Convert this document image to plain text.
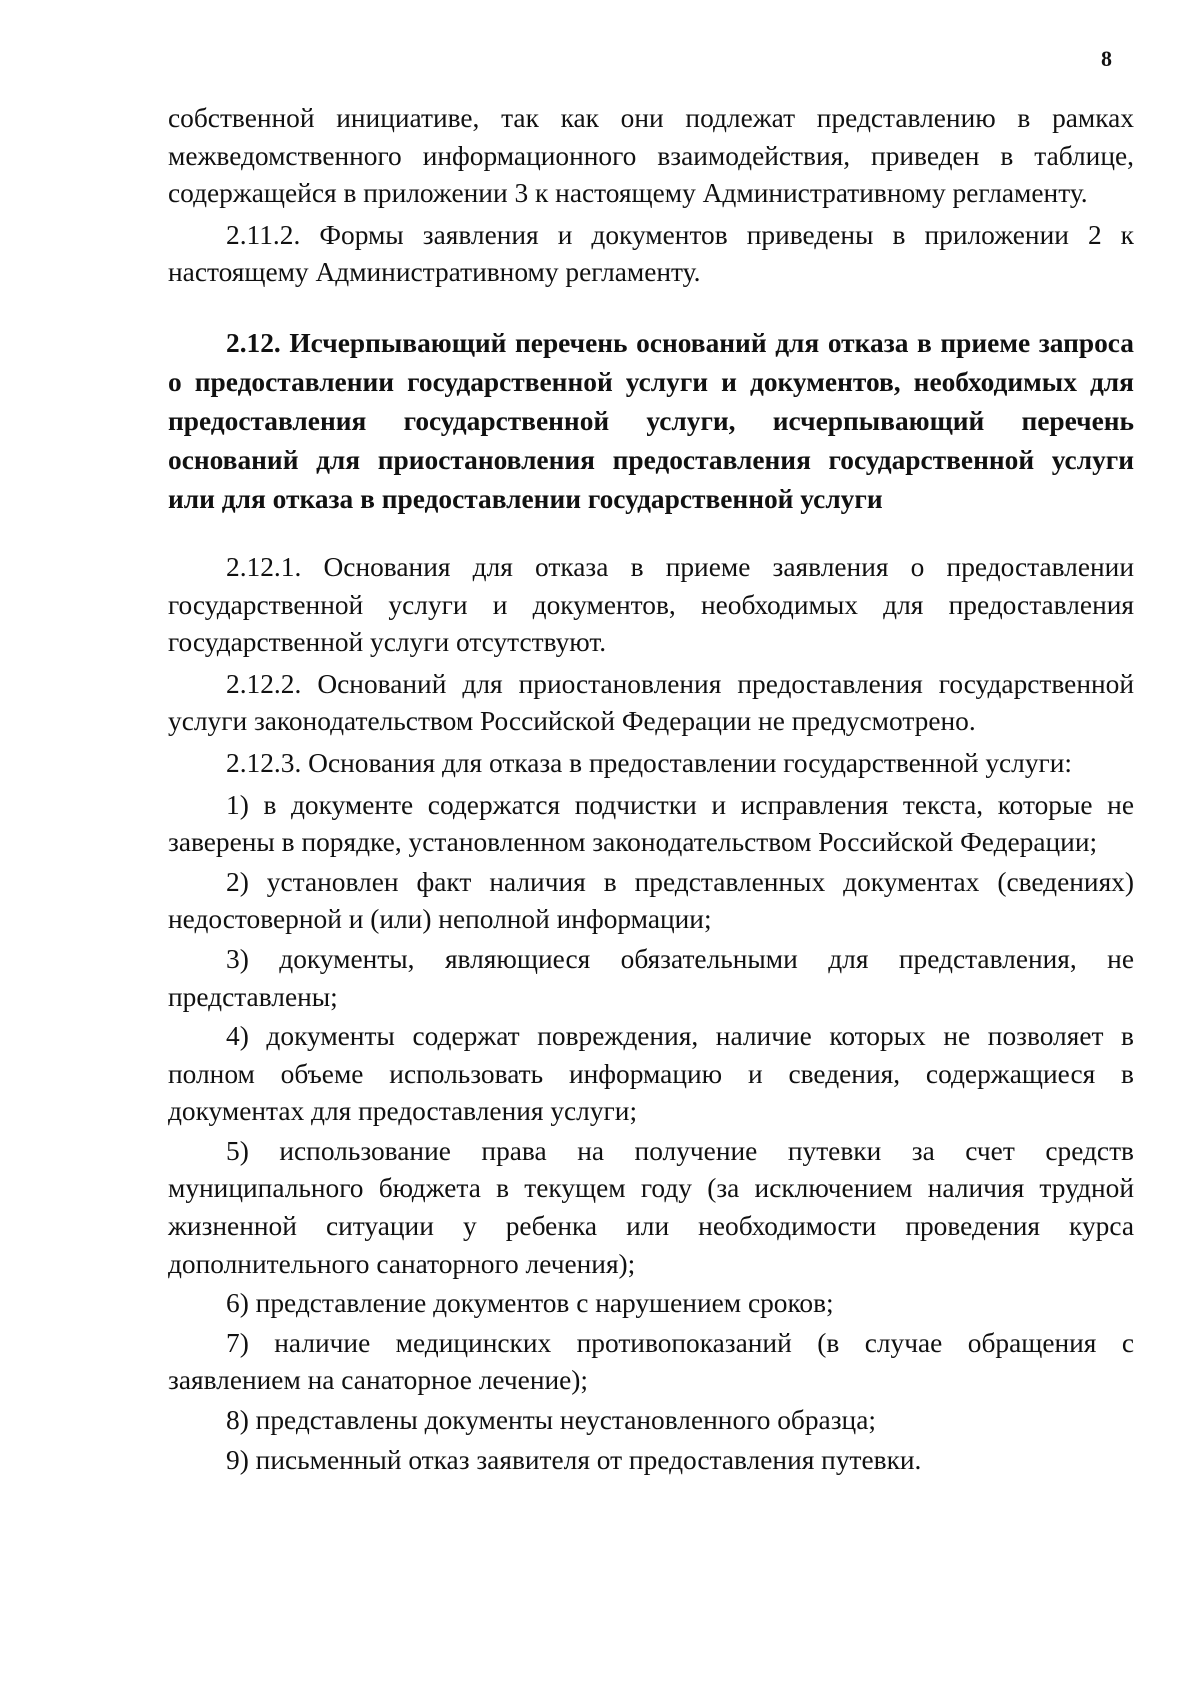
8

собственной инициативе, так как они подлежат представлению в рамках межведомственного информационного взаимодействия, приведен в таблице, содержащейся в приложении 3 к настоящему Административному регламенту.

2.11.2. Формы заявления и документов приведены в приложении 2 к настоящему Административному регламенту.

2.12. Исчерпывающий перечень оснований для отказа в приеме запроса о предоставлении государственной услуги и документов, необходимых для предоставления государственной услуги, исчерпывающий перечень оснований для приостановления предоставления государственной услуги или для отказа в предоставлении государственной услуги

2.12.1. Основания для отказа в приеме заявления о предоставлении государственной услуги и документов, необходимых для предоставления государственной услуги отсутствуют.

2.12.2. Оснований для приостановления предоставления государственной услуги законодательством Российской Федерации не предусмотрено.

2.12.3. Основания для отказа в предоставлении государственной услуги:

1) в документе содержатся подчистки и исправления текста, которые не заверены в порядке, установленном законодательством Российской Федерации;

2) установлен факт наличия в представленных документах (сведениях) недостоверной и (или) неполной информации;

3) документы, являющиеся обязательными для представления, не представлены;

4) документы содержат повреждения, наличие которых не позволяет в полном объеме использовать информацию и сведения, содержащиеся в документах для предоставления услуги;

5) использование права на получение путевки за счет средств муниципального бюджета в текущем году (за исключением наличия трудной жизненной ситуации у ребенка или необходимости проведения курса дополнительного санаторного лечения);

6) представление документов с нарушением сроков;

7) наличие медицинских противопоказаний (в случае обращения с заявлением на санаторное лечение);

8) представлены документы неустановленного образца;

9) письменный отказ заявителя от предоставления путевки.
